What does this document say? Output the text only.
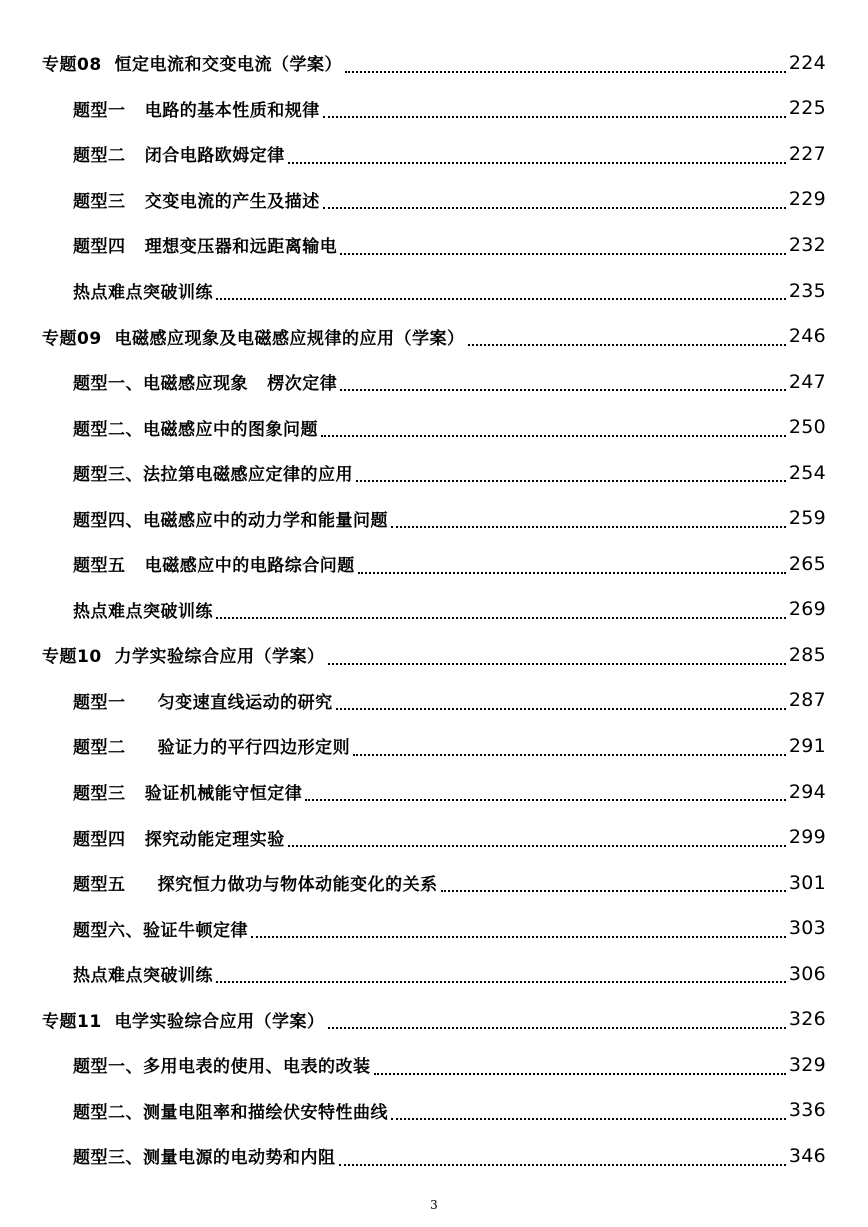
专题08  恒定电流和交变电流（学案）	224
题型一   电路的基本性质和规律	225
题型二   闭合电路欧姆定律	227
题型三   交变电流的产生及描述	229
题型四   理想变压器和远距离输电	232
热点难点突破训练	235
专题09  电磁感应现象及电磁感应规律的应用（学案）	246
题型一、电磁感应现象   楞次定律	247
题型二、电磁感应中的图象问题	250
题型三、法拉第电磁感应定律的应用	254
题型四、电磁感应中的动力学和能量问题	259
题型五   电磁感应中的电路综合问题	265
热点难点突破训练	269
专题10  力学实验综合应用（学案）	285
题型一     匀变速直线运动的研究	287
题型二     验证力的平行四边形定则	291
题型三   验证机械能守恒定律	294
题型四   探究动能定理实验	299
题型五     探究恒力做功与物体动能变化的关系	301
题型六、验证牛顿定律	303
热点难点突破训练	306
专题11  电学实验综合应用（学案）	326
题型一、多用电表的使用、电表的改装	329
题型二、测量电阻率和描绘伏安特性曲线	336
题型三、测量电源的电动势和内阻	346
3
